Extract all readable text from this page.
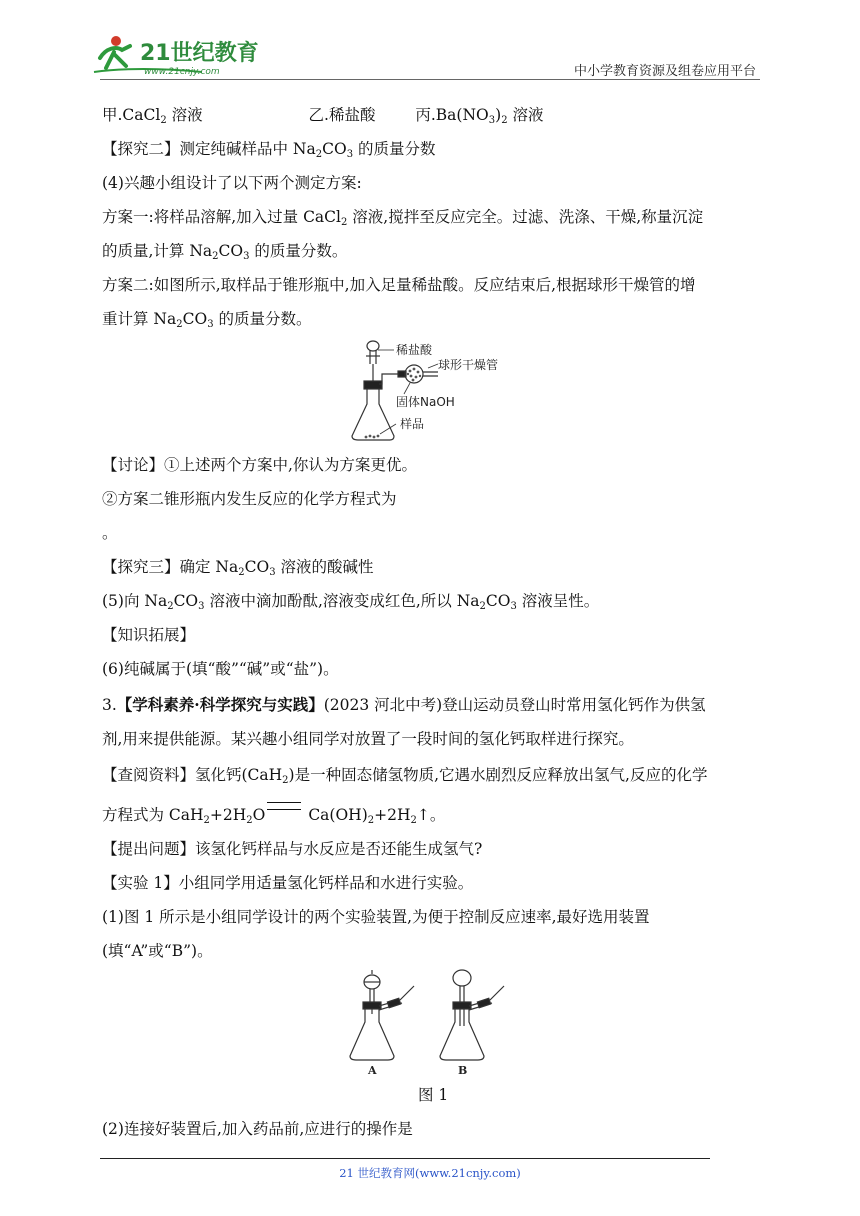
21世纪教育
www.21cnjy.com	中小学教育资源及组卷应用平台
甲.CaCl$_2$ 溶液	乙.稀盐酸	丙$.Ba(NO_3)_2$ 溶液
【探究二】测定纯碱样品中 $Na_2CO_3$ 的质量分数
(4)兴趣小组设计了以下两个测定方案:
方案一:将样品溶解,加入过量 CaCl$_2$ 溶液,搅拌至反应完全。过滤、洗涤、干燥,称量沉淀
的质量,计算 $Na_2CO_3$ 的质量分数。
方案二:如图所示,取样品于锥形瓶中,加入足量稀盐酸。反应结束后,根据球形干燥管的增
重计算 $Na_2CO_3$ 的质量分数。
稀盐酸
球形干燥管
固体NaOH
样品
【讨论】①上述两个方案中,你认为方案更优。
②方案二锥形瓶内发生反应的化学方程式为
。
【探究三】确定 $Na_2CO_3$ 溶液的酸碱性
(5)向 $Na_2CO_3$ 溶液中滴加酚酞,溶液变成红色,所以 $Na_2CO_3$ 溶液呈性。
【知识拓展】
(6)纯碱属于(填“酸”“碱”或“盐”)。
3.【学科素养·科学探究与实践】(2023 河北中考)登山运动员登山时常用氢化钙作为供氢
剂,用来提供能源。某兴趣小组同学对放置了一段时间的氢化钙取样进行探究。
【查阅资料】氢化钙(CaH$_2$)是一种固态储氢物质,它遇水剧烈反应释放出氢气,反应的化学
方程式为 $CaH_2+2H_2O$ $Ca(OH)_2+2H_2↑$。
【提出问题】该氢化钙样品与水反应是否还能生成氢气?
【实验 1】小组同学用适量氢化钙样品和水进行实验。
(1)图 1 所示是小组同学设计的两个实验装置,为便于控制反应速率,最好选用装置
(填“A”或“B”)。
A	B
图 1
(2)连接好装置后,加入药品前,应进行的操作是
21 世纪教育网(www.21cnjy.com)
